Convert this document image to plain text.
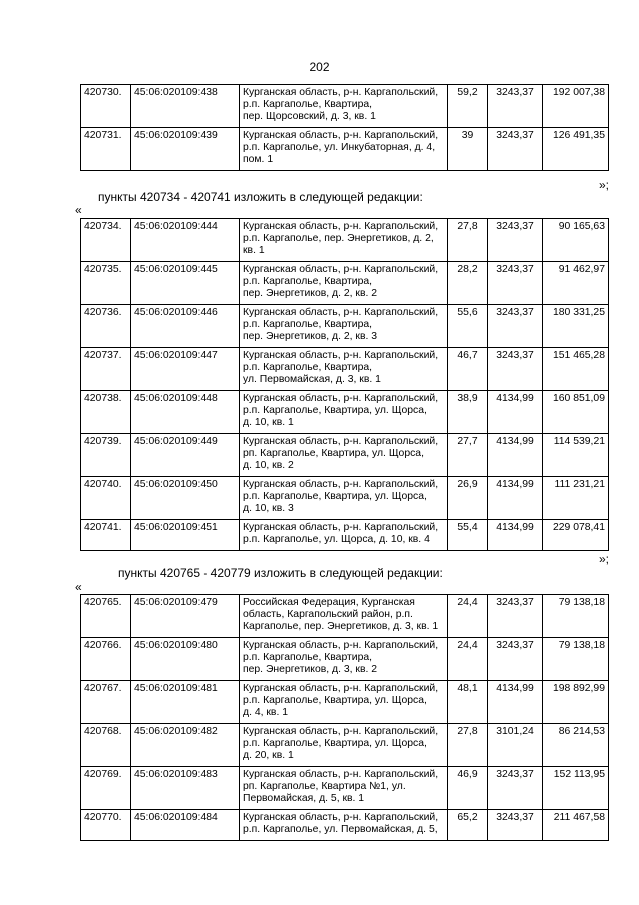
202
420730.	45:06:020109:438	Курганская область, р-н. Каргапольский,
р.п. Каргаполье, Квартира,
пер. Щорсовский, д. 3, кв. 1	59,2	3243,37	192 007,38
420731.	45:06:020109:439	Курганская область, р-н. Каргапольский,
р.п. Каргаполье, ул. Инкубаторная, д. 4,
пом. 1	39	3243,37	126 491,35
»;
пункты 420734 - 420741 изложить в следующей редакции:
«
420734.	45:06:020109:444	Курганская область, р-н. Каргапольский,
р.п. Каргаполье, пер. Энергетиков, д. 2,
кв. 1	27,8	3243,37	90 165,63
420735.	45:06:020109:445	Курганская область, р-н. Каргапольский,
р.п. Каргаполье, Квартира,
пер. Энергетиков, д. 2, кв. 2	28,2	3243,37	91 462,97
420736.	45:06:020109:446	Курганская область, р-н. Каргапольский,
р.п. Каргаполье, Квартира,
пер. Энергетиков, д. 2, кв. 3	55,6	3243,37	180 331,25
420737.	45:06:020109:447	Курганская область, р-н. Каргапольский,
р.п. Каргаполье, Квартира,
ул. Первомайская, д. 3, кв. 1	46,7	3243,37	151 465,28
420738.	45:06:020109:448	Курганская область, р-н. Каргапольский,
р.п. Каргаполье, Квартира, ул. Щорса,
д. 10, кв. 1	38,9	4134,99	160 851,09
420739.	45:06:020109:449	Курганская область, р-н. Каргапольский,
рп. Каргаполье, Квартира, ул. Щорса,
д. 10, кв. 2	27,7	4134,99	114 539,21
420740.	45:06:020109:450	Курганская область, р-н. Каргапольский,
р.п. Каргаполье, Квартира, ул. Щорса,
д. 10, кв. 3	26,9	4134,99	111 231,21
420741.	45:06:020109:451	Курганская область, р-н. Каргапольский,
р.п. Каргаполье, ул. Щорса, д. 10, кв. 4	55,4	4134,99	229 078,41
»;
пункты 420765 - 420779 изложить в следующей редакции:
«
420765.	45:06:020109:479	Российская Федерация, Курганская
область, Каргапольский район, р.п.
Каргаполье, пер. Энергетиков, д. 3, кв. 1	24,4	3243,37	79 138,18
420766.	45:06:020109:480	Курганская область, р-н. Каргапольский,
р.п. Каргаполье, Квартира,
пер. Энергетиков, д. 3, кв. 2	24,4	3243,37	79 138,18
420767.	45:06:020109:481	Курганская область, р-н. Каргапольский,
р.п. Каргаполье, Квартира, ул. Щорса,
д. 4, кв. 1	48,1	4134,99	198 892,99
420768.	45:06:020109:482	Курганская область, р-н. Каргапольский,
р.п. Каргаполье, Квартира, ул. Щорса,
д. 20, кв. 1	27,8	3101,24	86 214,53
420769.	45:06:020109:483	Курганская область, р-н. Каргапольский,
рп. Каргаполье, Квартира №1, ул.
Первомайская, д. 5, кв. 1	46,9	3243,37	152 113,95
420770.	45:06:020109:484	Курганская область, р-н. Каргапольский,
р.п. Каргаполье, ул. Первомайская, д. 5,	65,2	3243,37	211 467,58
